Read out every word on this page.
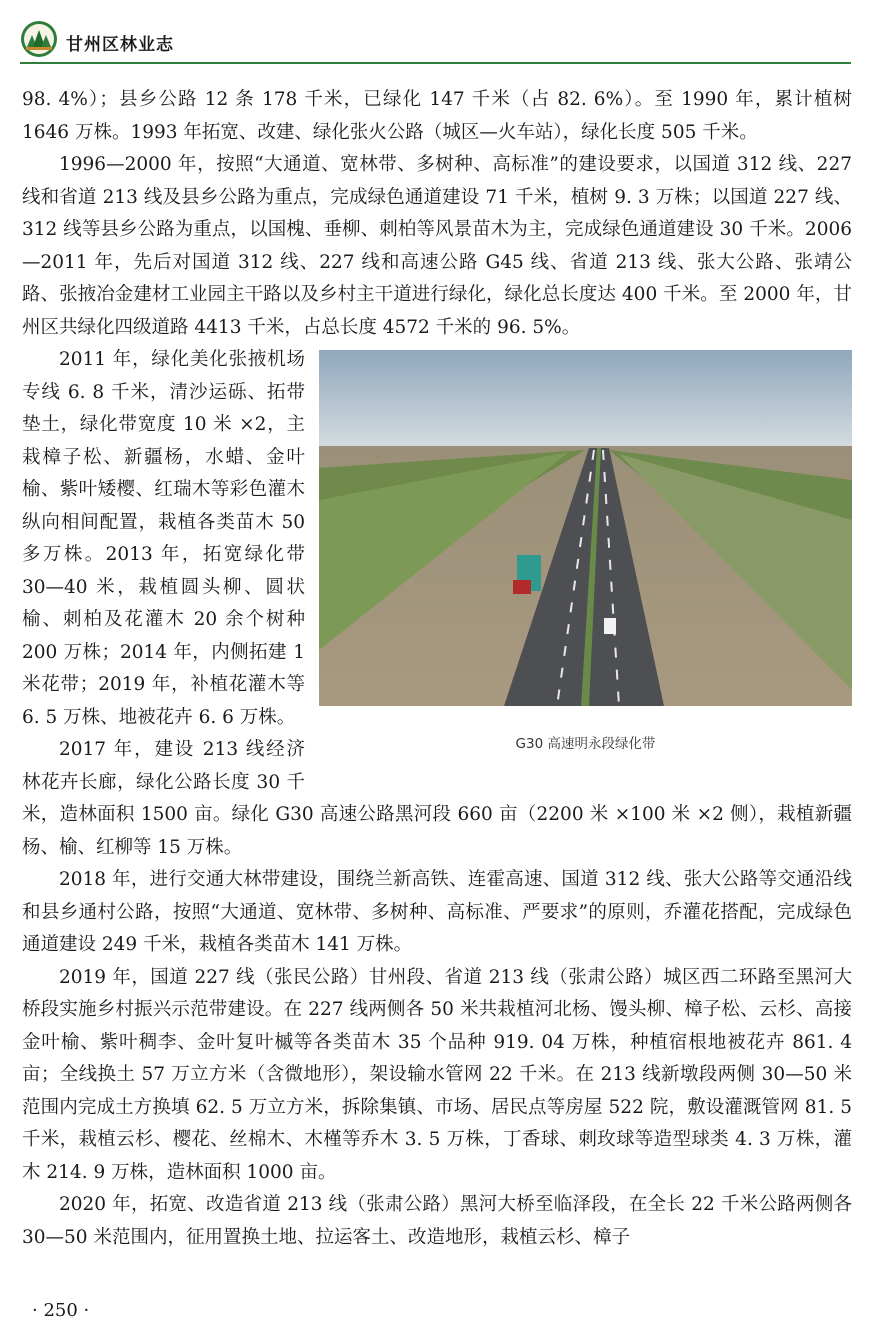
甘州区林业志

98. 4%）；县乡公路 12 条 178 千米，已绿化 147 千米（占 82. 6%）。至 1990 年，累计植树 1646 万株。1993 年拓宽、改建、绿化张火公路（城区—火车站），绿化长度 505 千米。

1996—2000 年，按照“大通道、宽林带、多树种、高标准”的建设要求，以国道 312 线、227 线和省道 213 线及县乡公路为重点，完成绿色通道建设 71 千米，植树 9. 3 万株；以国道 227 线、312 线等县乡公路为重点，以国槐、垂柳、刺柏等风景苗木为主，完成绿色通道建设 30 千米。2006—2011 年，先后对国道 312 线、227 线和高速公路 G45 线、省道 213 线、张大公路、张靖公路、张掖冶金建材工业园主干路以及乡村主干道进行绿化，绿化总长度达 400 千米。至 2000 年，甘州区共绿化四级道路 4413 千米，占总长度 4572 千米的 96. 5%。

G30 高速明永段绿化带

2011 年，绿化美化张掖机场专线 6. 8 千米，清沙运砾、拓带垫土，绿化带宽度 10 米 ×2，主栽樟子松、新疆杨，水蜡、金叶榆、紫叶矮樱、红瑞木等彩色灌木纵向相间配置，栽植各类苗木 50 多万株。2013 年，拓宽绿化带 30—40 米，栽植圆头柳、圆状榆、刺柏及花灌木 20 余个树种 200 万株；2014 年，内侧拓建 1 米花带；2019 年，补植花灌木等 6. 5 万株、地被花卉 6. 6 万株。

2017 年，建设 213 线经济林花卉长廊，绿化公路长度 30 千米，造林面积 1500 亩。绿化 G30 高速公路黑河段 660 亩（2200 米 ×100 米 ×2 侧），栽植新疆杨、榆、红柳等 15 万株。

2018 年，进行交通大林带建设，围绕兰新高铁、连霍高速、国道 312 线、张大公路等交通沿线和县乡通村公路，按照“大通道、宽林带、多树种、高标准、严要求”的原则，乔灌花搭配，完成绿色通道建设 249 千米，栽植各类苗木 141 万株。

2019 年，国道 227 线（张民公路）甘州段、省道 213 线（张肃公路）城区西二环路至黑河大桥段实施乡村振兴示范带建设。在 227 线两侧各 50 米共栽植河北杨、馒头柳、樟子松、云杉、高接金叶榆、紫叶稠李、金叶复叶槭等各类苗木 35 个品种 919. 04 万株，种植宿根地被花卉 861. 4 亩；全线换土 57 万立方米（含微地形），架设输水管网 22 千米。在 213 线新墩段两侧 30—50 米范围内完成土方换填 62. 5 万立方米，拆除集镇、市场、居民点等房屋 522 院，敷设灌溉管网 81. 5 千米，栽植云杉、樱花、丝棉木、木槿等乔木 3. 5 万株，丁香球、刺玫球等造型球类 4. 3 万株，灌木 214. 9 万株，造林面积 1000 亩。

2020 年，拓宽、改造省道 213 线（张肃公路）黑河大桥至临泽段，在全长 22 千米公路两侧各 30—50 米范围内，征用置换土地、拉运客土、改造地形，栽植云杉、樟子

· 250 ·
